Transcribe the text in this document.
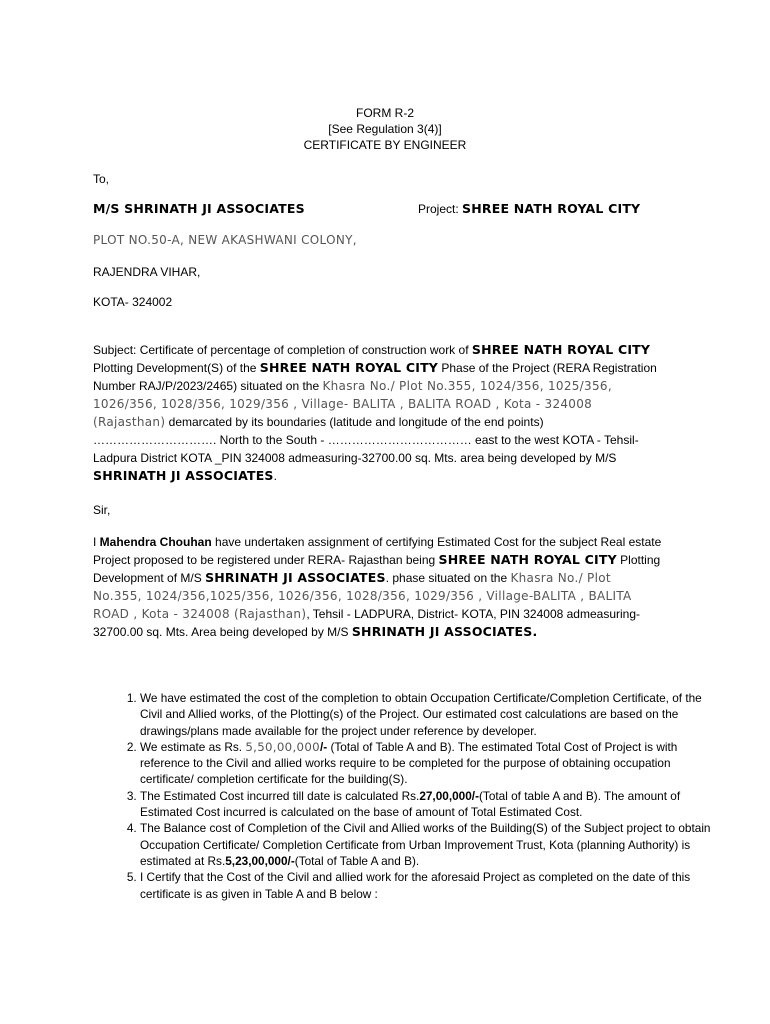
FORM R-2
[See Regulation 3(4)]
CERTIFICATE BY ENGINEER
To,
M/S SHRINATH JI ASSOCIATES	Project: SHREE NATH ROYAL CITY
PLOT NO.50-A, NEW AKASHWANI COLONY,
RAJENDRA VIHAR,
KOTA- 324002
Subject: Certificate of percentage of completion of construction work of SHREE NATH ROYAL CITY Plotting Development(S) of the SHREE NATH ROYAL CITY Phase of the Project (RERA Registration Number RAJ/P/2023/2465) situated on the Khasra No./ Plot No.355, 1024/356, 1025/356, 1026/356, 1028/356, 1029/356 , Village- BALITA , BALITA ROAD , Kota - 324008 (Rajasthan) demarcated by its boundaries (latitude and longitude of the end points) …………………………. North to the South - ……………………………… east to the west KOTA - Tehsil-Ladpura District KOTA _PIN 324008 admeasuring-32700.00 sq. Mts. area being developed by M/S SHRINATH JI ASSOCIATES.
Sir,
I Mahendra Chouhan have undertaken assignment of certifying Estimated Cost for the subject Real estate Project proposed to be registered under RERA- Rajasthan being SHREE NATH ROYAL CITY Plotting Development of M/S SHRINATH JI ASSOCIATES. phase situated on the Khasra No./ Plot No.355, 1024/356,1025/356, 1026/356, 1028/356, 1029/356 , Village-BALITA , BALITA ROAD , Kota - 324008 (Rajasthan), Tehsil - LADPURA, District- KOTA, PIN 324008 admeasuring-32700.00 sq. Mts. Area being developed by M/S SHRINATH JI ASSOCIATES.
1. We have estimated the cost of the completion to obtain Occupation Certificate/Completion Certificate, of the Civil and Allied works, of the Plotting(s) of the Project. Our estimated cost calculations are based on the drawings/plans made available for the project under reference by developer.
2. We estimate as Rs. 5,50,00,000/- (Total of Table A and B). The estimated Total Cost of Project is with reference to the Civil and allied works require to be completed for the purpose of obtaining occupation certificate/ completion certificate for the building(S).
3. The Estimated Cost incurred till date is calculated Rs.27,00,000/-(Total of table A and B). The amount of Estimated Cost incurred is calculated on the base of amount of Total Estimated Cost.
4. The Balance cost of Completion of the Civil and Allied works of the Building(S) of the Subject project to obtain Occupation Certificate/ Completion Certificate from Urban Improvement Trust, Kota (planning Authority) is estimated at Rs.5,23,00,000/-(Total of Table A and B).
5. I Certify that the Cost of the Civil and allied work for the aforesaid Project as completed on the date of this certificate is as given in Table A and B below :
